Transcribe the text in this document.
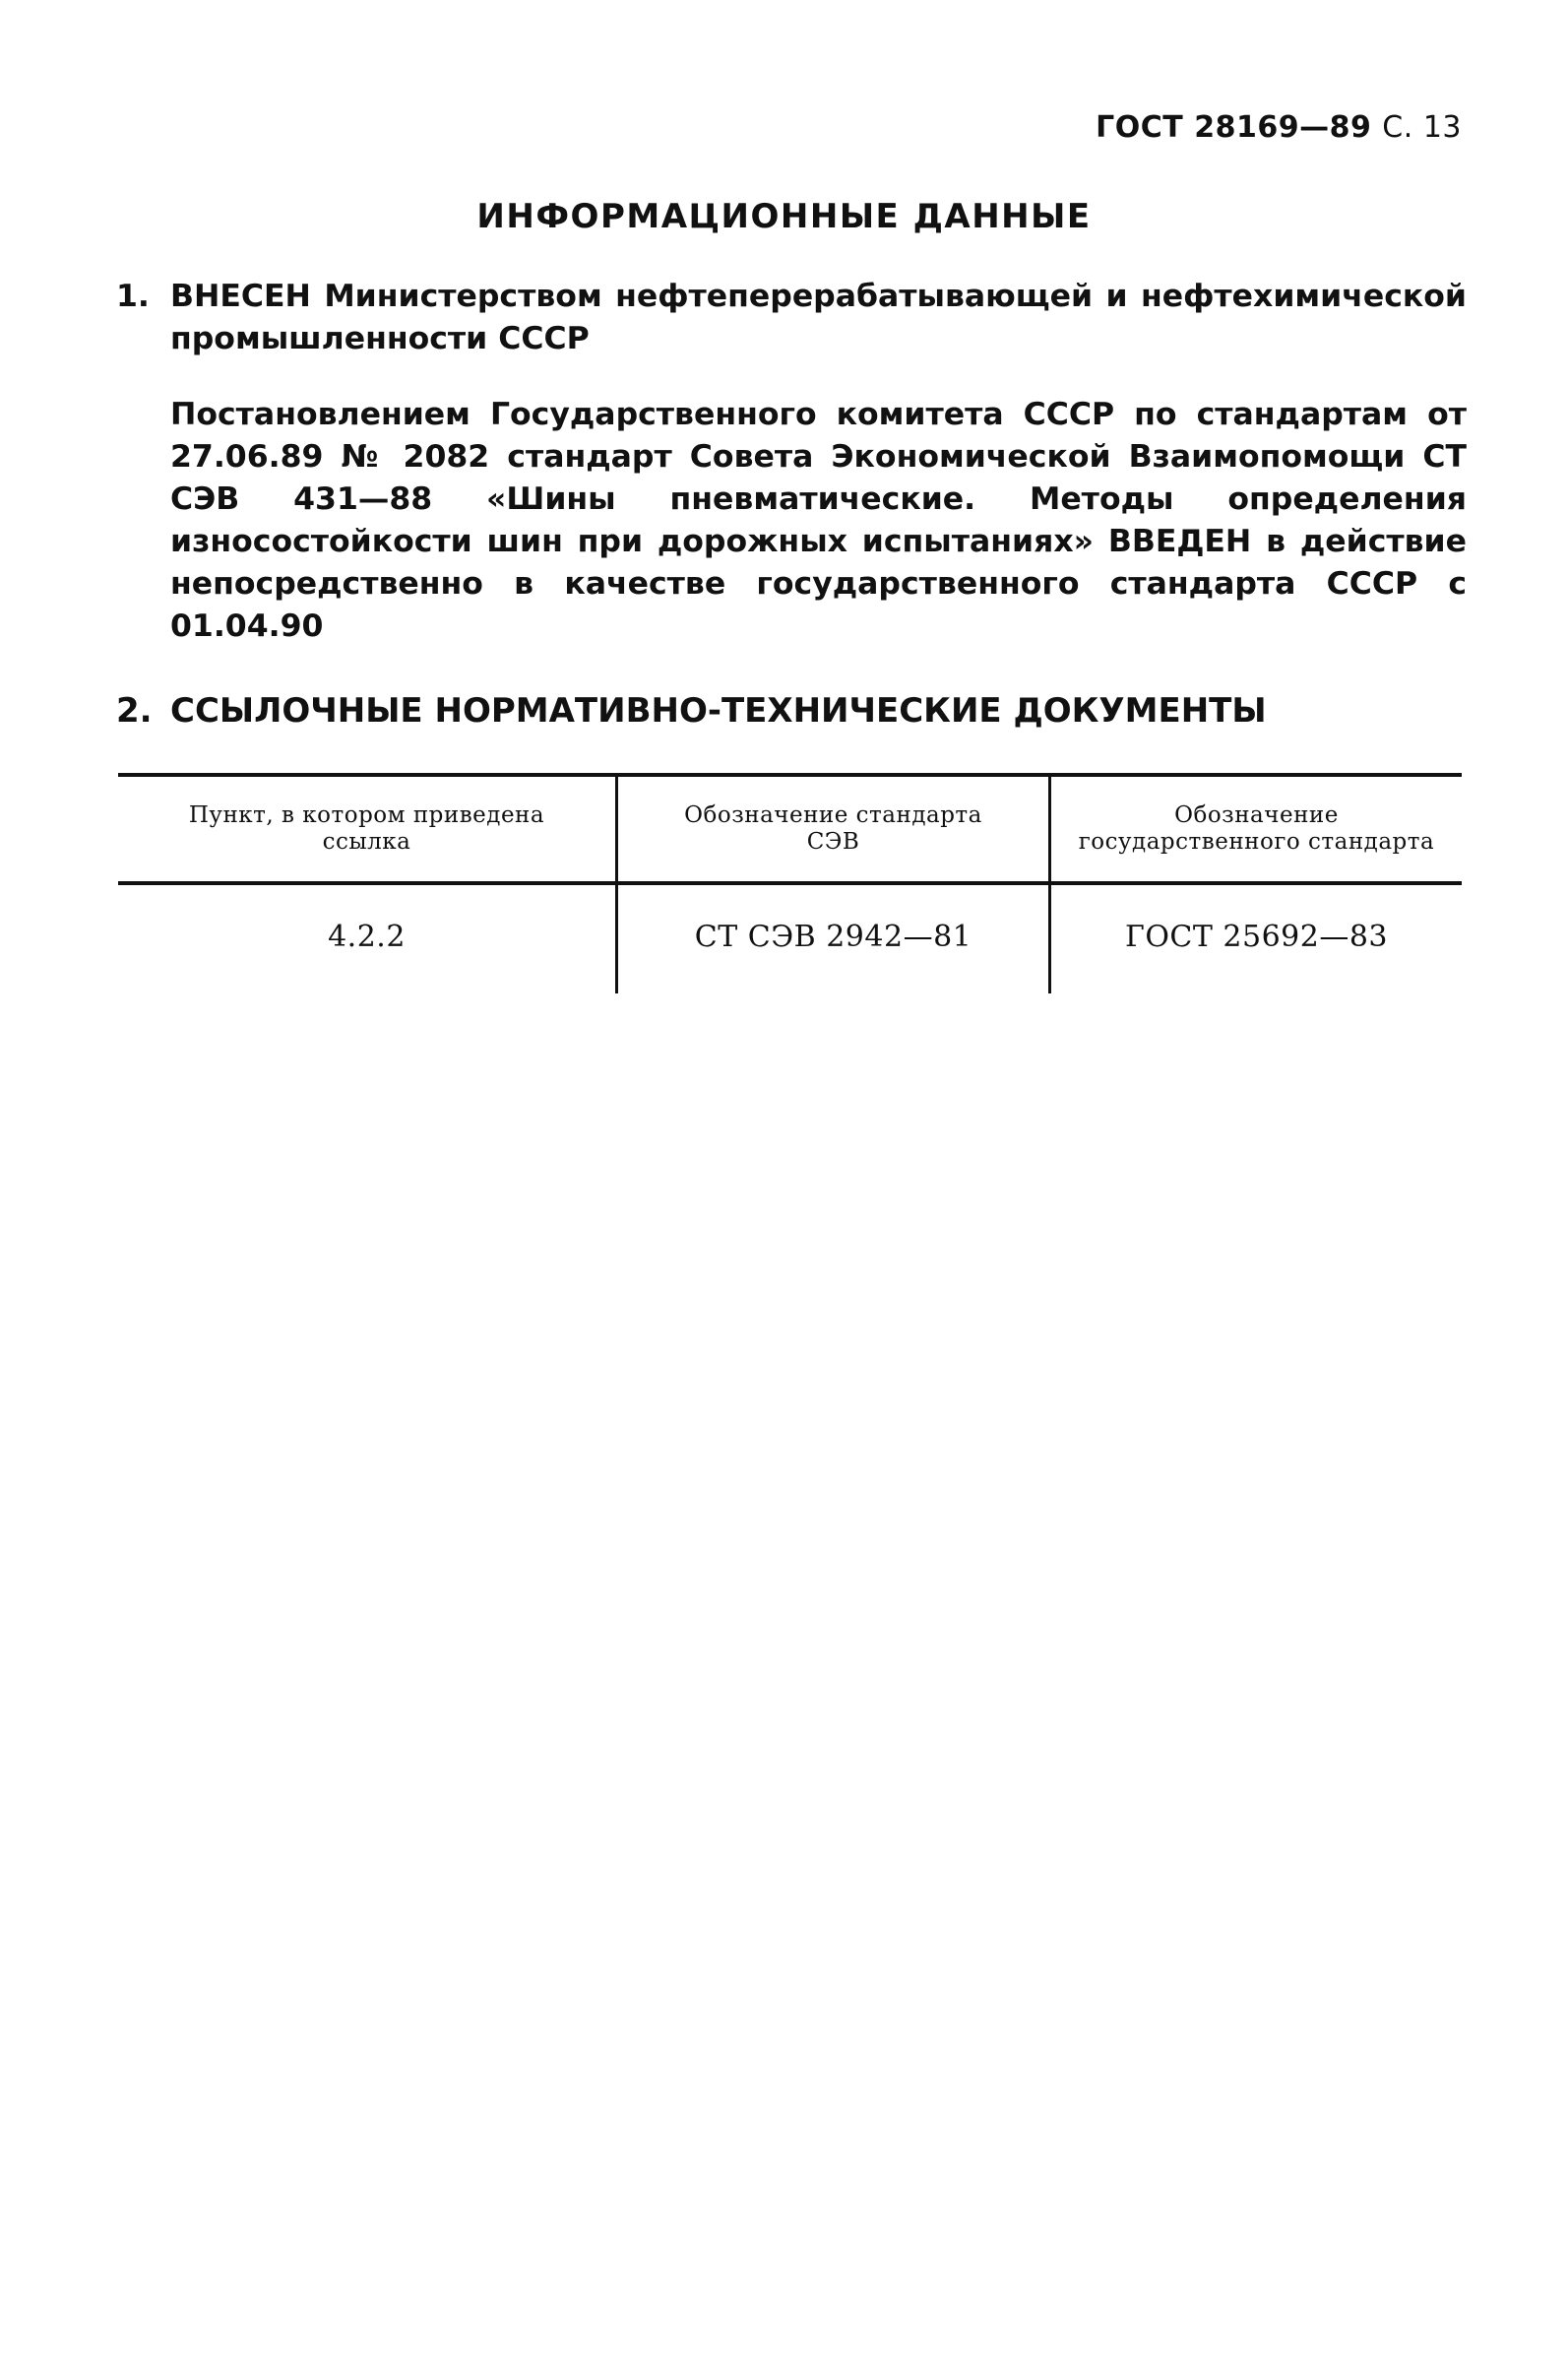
ГОСТ 28169—89 С. 13
ИНФОРМАЦИОННЫЕ ДАННЫЕ
1. ВНЕСЕН Министерством нефтеперерабатывающей и нефтехимической промышленности СССР
Постановлением Государственного комитета СССР по стандартам от 27.06.89 № 2082 стандарт Совета Экономической Взаимопомощи СТ СЭВ 431—88 «Шины пневматические. Методы определения износостойкости шин при дорожных испытаниях» ВВЕДЕН в действие непосредственно в качестве государственного стандарта СССР с 01.04.90
2. ССЫЛОЧНЫЕ НОРМАТИВНО-ТЕХНИЧЕСКИЕ ДОКУМЕНТЫ
Пункт, в котором приведена ссылка
Обозначение стандарта СЭВ
Обозначение государственного стандарта
4.2.2	СТ СЭВ 2942—81	ГОСТ 25692—83
